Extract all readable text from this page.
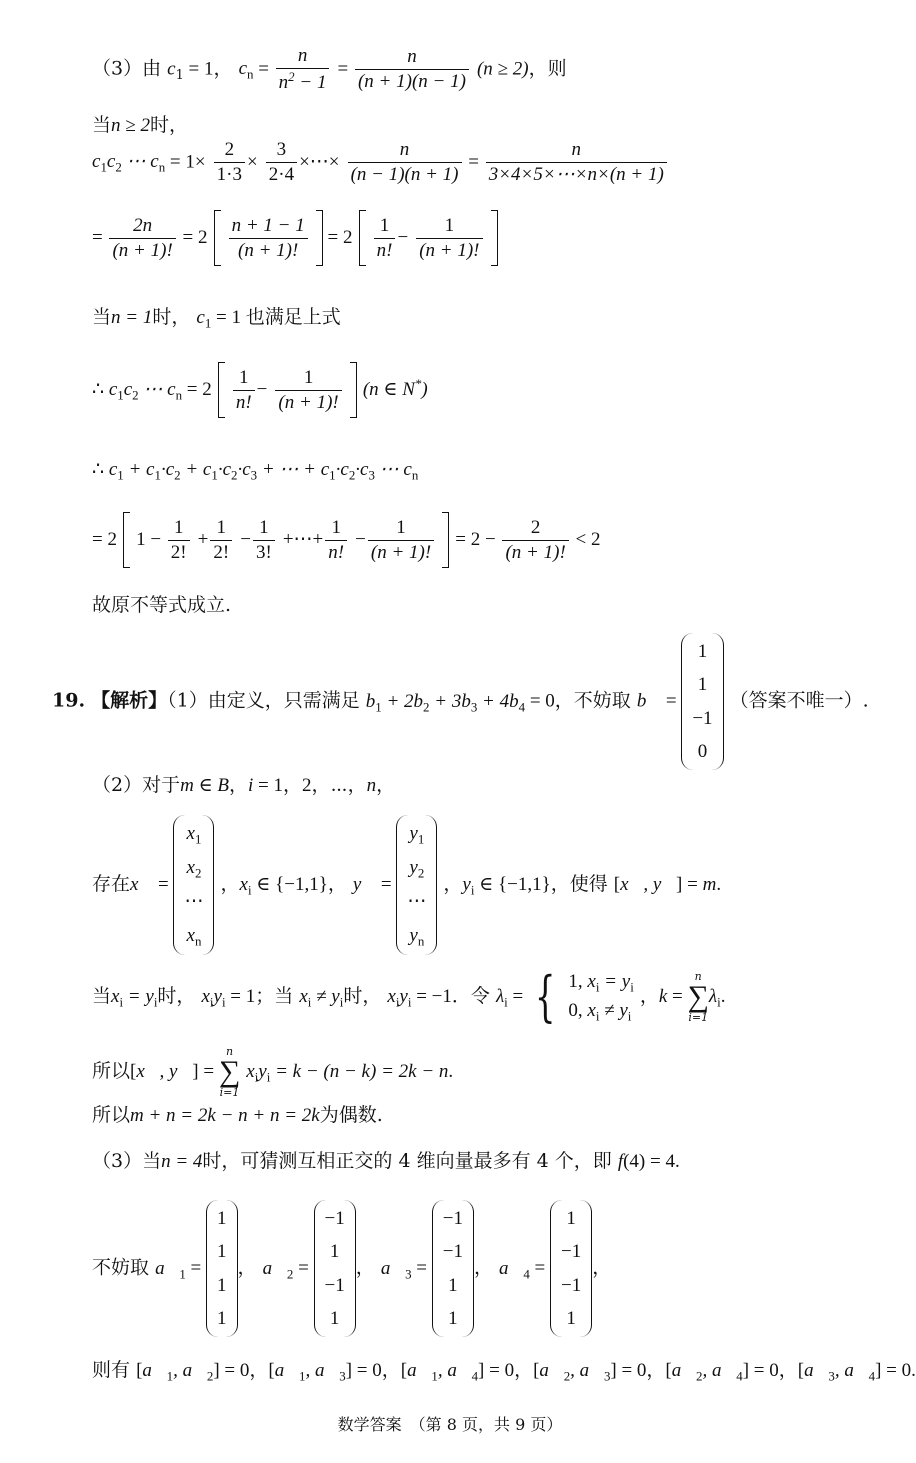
（3）由 $c_1 = 1$， $c_n = \frac{n}{n^2 - 1} = \frac{n}{(n + 1)(n - 1)} (n \ge 2)$，则
当n ≥ 2时，
$c_1c_2$ ⋯ $c_n = 1\times \frac{2}{1\cdot 3} \times \frac{3}{2\cdot 4}$ ×⋯× $\frac{n}{(n - 1)(n + 1)} = \frac{n}{3\times 4\times 5\times\cdots\times n\times(n + 1)}$
= $\frac{2n}{(n + 1)!} = 2 \frac{n + 1 - 1}{(n + 1)!} = 2 \frac{1}{n!} - \frac{1}{(n + 1)!}$

当n = 1时， $c_1 = 1$ 也满足上式
∴ $c_1c_2$ ⋯ $c_n = 2 \frac{1}{n!} - \frac{1}{(n + 1)!} (n$ ∈ N*)
∴ $c_1 + c_1\cdot c_2 + c_1\cdot c_2\cdot c_3$ + ⋯ + $c_1\cdot c_2\cdot c_3$ ⋯ $c_n$
= 2 $1 - \frac{1}{2!} + \frac{1}{2!} - \frac{1}{3!}$ +⋯+ $\frac{1}{n!} - \frac{1}{(n + 1)!} = 2 - \frac{2}{(n + 1)!} < 2$
故原不等式成立.
19. 【解析】（1）由定义，只需满足 $b_1 + 2b_2 + 3b_3 + 4b_4 = 0$，不妨取 b⃗ = 1
1
−1
0 （答案不唯一）.
（2）对于m ∈ B，i = 1，2，⋯，n，
存在x⃗ = $x_1$
$x_2$
⋯
$x_n$ ，$x_i$ ∈ {−1,1}， y⃗ = $y_1$
$y_2$
⋯
$y_n$ ，$y_i$ ∈ {−1,1}，使得 [x⃗, y⃗] = m.
当$x_i = y_i$时， $x_iy_i = 1$；当 $x_i \ne y_i$时， $x_iy_i = -1$．令 $\lambda_i$ = { 1, $x_i = y_i$
0, $x_i \ne y_i$ ，k =
n
∑
i=1
$\lambda_i$.
所以[x⃗, y⃗] =
n
∑
i=1
$x_iy_i = k - (n - k) = 2k - n$.
所以m + n = 2k − n + n = 2k为偶数.
（3）当n = 4时，可猜测互相正交的 4 维向量最多有 4 个，即 f(4) = 4.
不妨取 $a⃗_1 = 1$
1
1
1， $a⃗_2 = -1$
1
−1
1， $a⃗_3 = -1$
−1
1
1， $a⃗_4 = 1$
−1
−1
1，
则有 [$a⃗_1$, $a⃗_2] = 0$，[$a⃗_1$, $a⃗_3] = 0$，[$a⃗_1$, $a⃗_4] = 0$，[$a⃗_2$, $a⃗_3] = 0$，[$a⃗_2$, $a⃗_4] = 0$，[$a⃗_3$, $a⃗_4] = 0$.
数学答案　（第 8 页，共 9 页）
